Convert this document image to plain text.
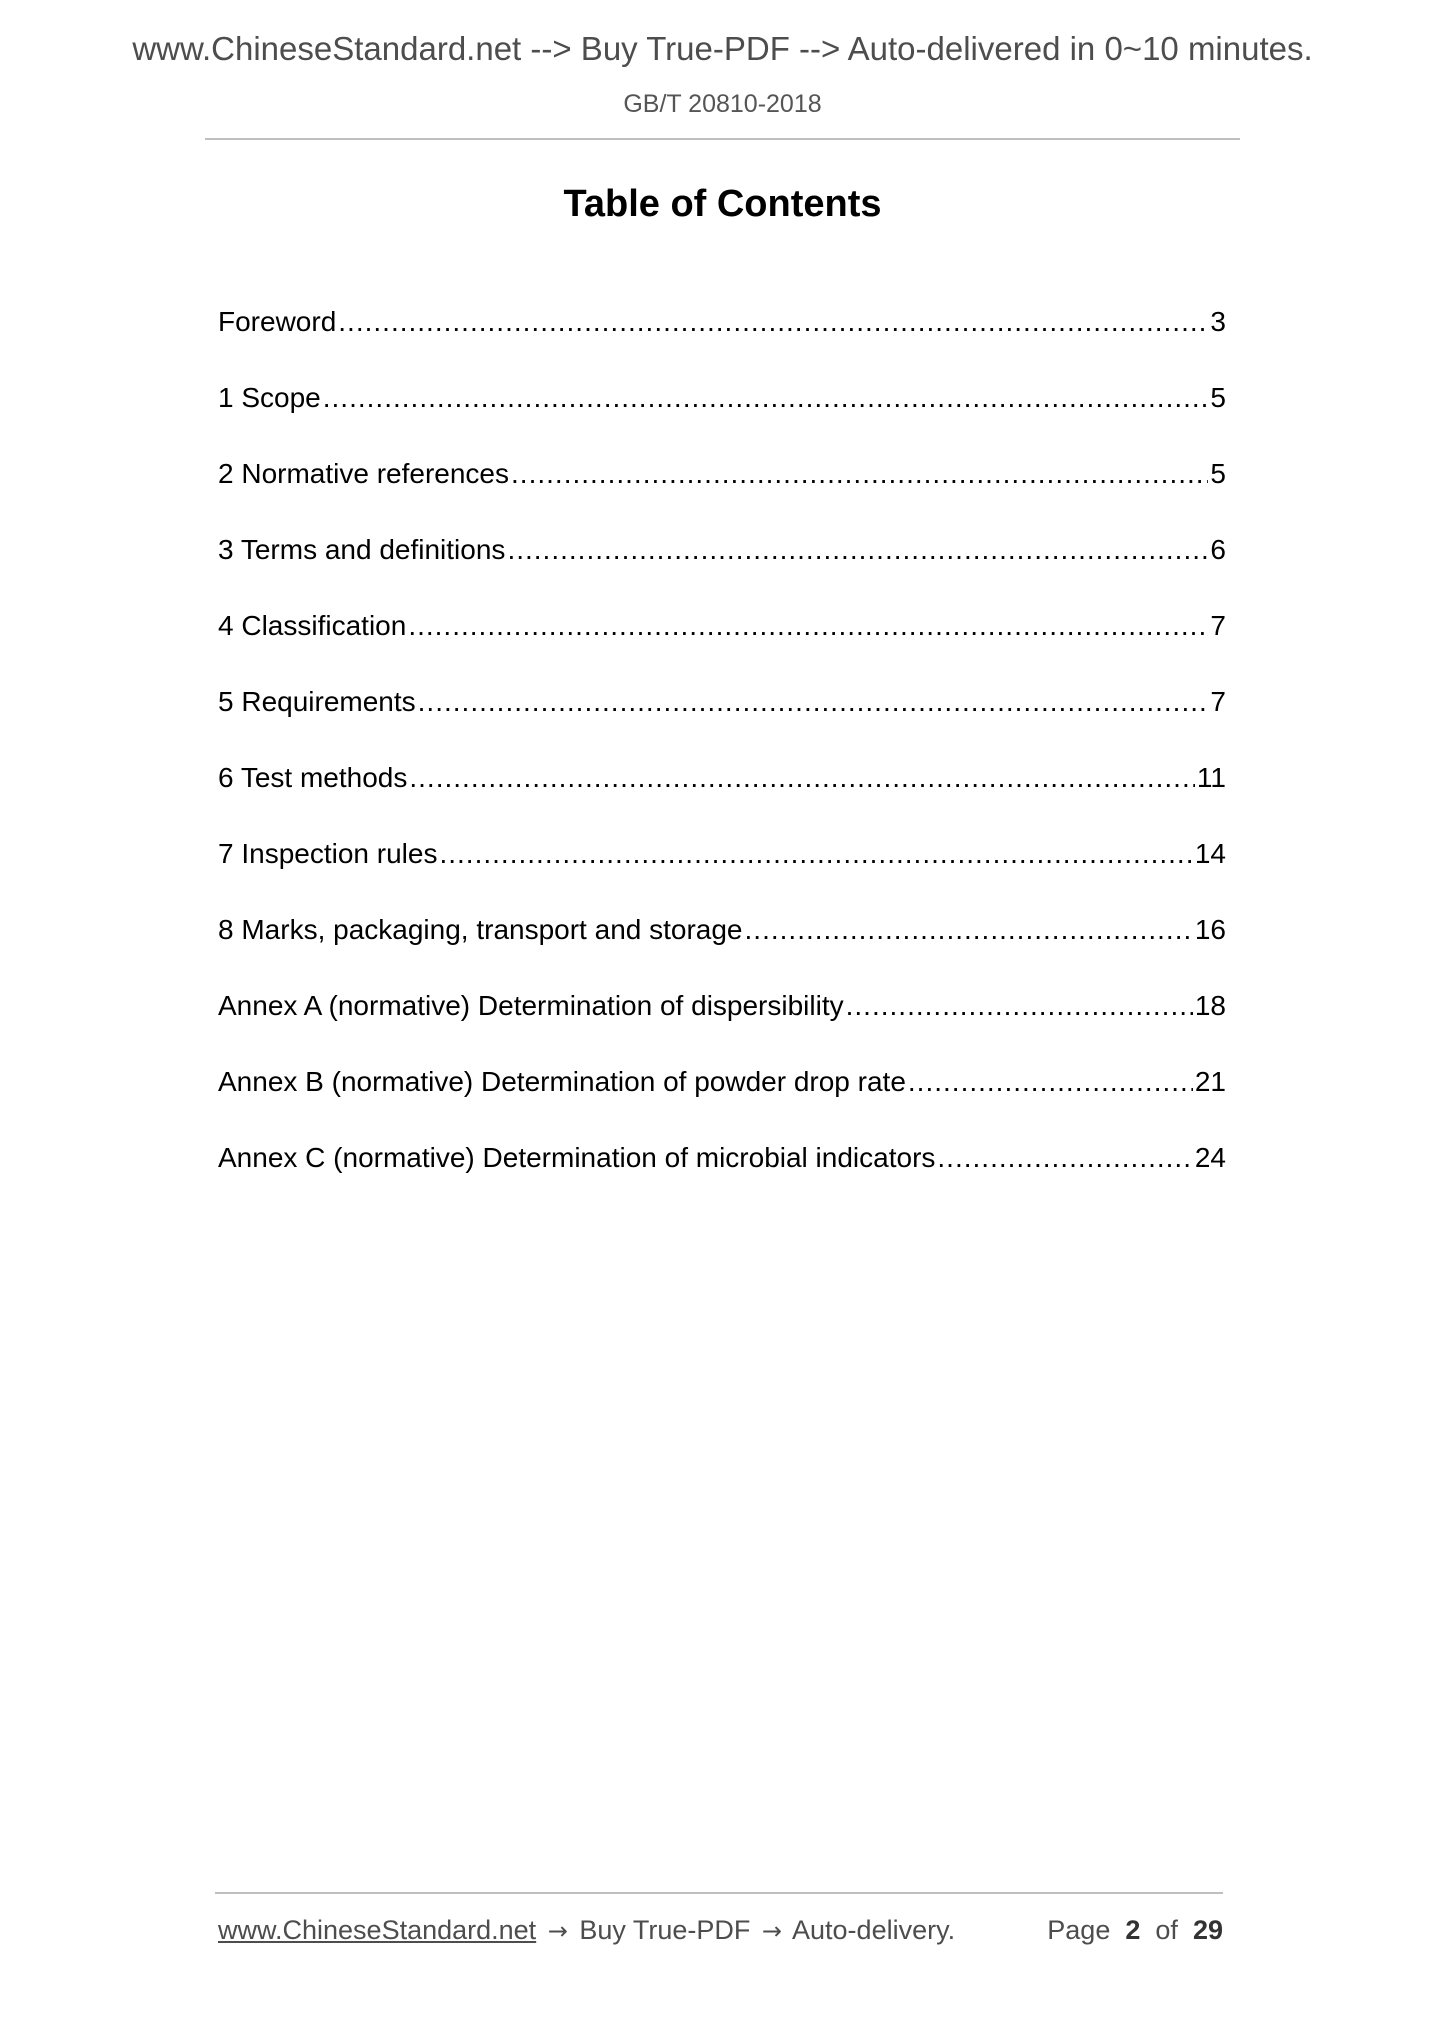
www.ChineseStandard.net --> Buy True-PDF --> Auto-delivered in 0~10 minutes.
GB/T 20810-2018
Table of Contents
Foreword .....	3
1 Scope .....	5
2 Normative references .....	5
3 Terms and definitions .....	6
4 Classification .....	7
5 Requirements .....	7
6 Test methods .....	11
7 Inspection rules .....	14
8 Marks, packaging, transport and storage .....	16
Annex A (normative) Determination of dispersibility .....	18
Annex B (normative) Determination of powder drop rate .....	21
Annex C (normative) Determination of microbial indicators .....	24
www.ChineseStandard.net → Buy True-PDF → Auto-delivery.	Page 2 of 29
